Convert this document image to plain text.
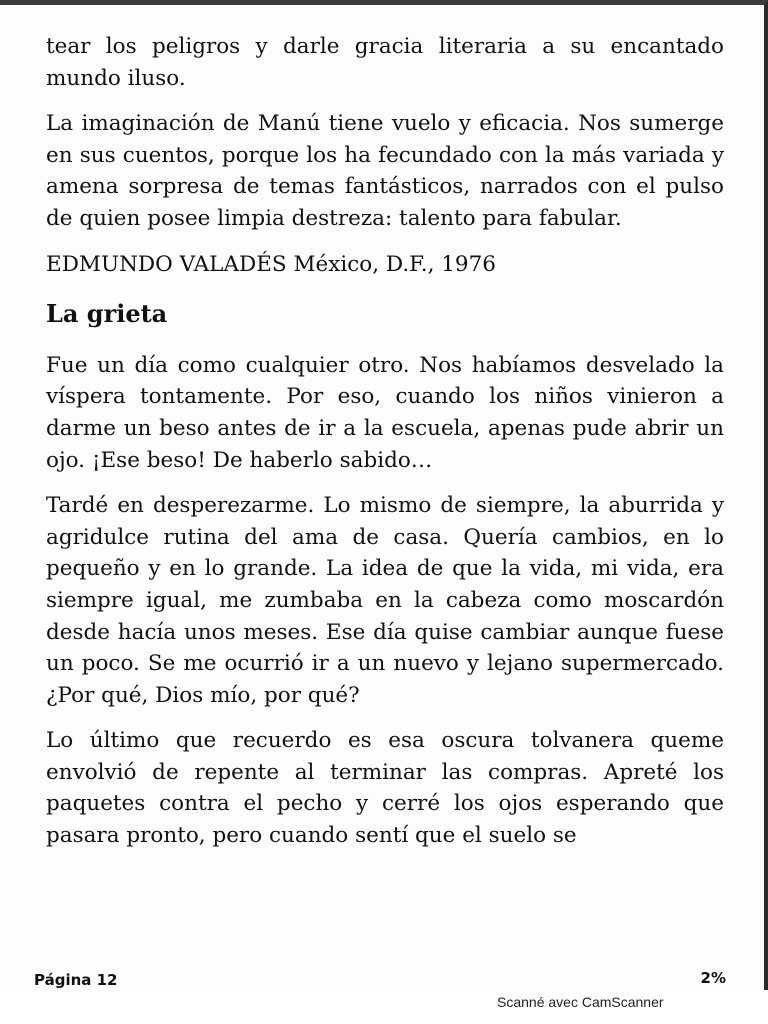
tear los peligros y darle gracia literaria a su encantado mundo iluso.

La imaginación de Manú tiene vuelo y eficacia. Nos sumerge en sus cuentos, porque los ha fecundado con la más variada y amena sorpresa de temas fantásticos, narrados con el pulso de quien posee limpia destreza: talento para fabular.

EDMUNDO VALADÉS México, D.F., 1976

La grieta

Fue un día como cualquier otro. Nos habíamos desvelado la víspera tontamente. Por eso, cuando los niños vinieron a darme un beso antes de ir a la escuela, apenas pude abrir un ojo. ¡Ese beso! De haberlo sabido…

Tardé en desperezarme. Lo mismo de siempre, la aburrida y agridulce rutina del ama de casa. Quería cambios, en lo pequeño y en lo grande. La idea de que la vida, mi vida, era siempre igual, me zumbaba en la cabeza como moscardón desde hacía unos meses. Ese día quise cambiar aunque fuese un poco. Se me ocurrió ir a un nuevo y lejano supermercado. ¿Por qué, Dios mío, por qué?

Lo último que recuerdo es esa oscura tolvanera queme envolvió de repente al terminar las compras. Apreté los paquetes contra el pecho y cerré los ojos esperando que pasara pronto, pero cuando sentí que el suelo se

Página 12	2%
Scanné avec CamScanner
